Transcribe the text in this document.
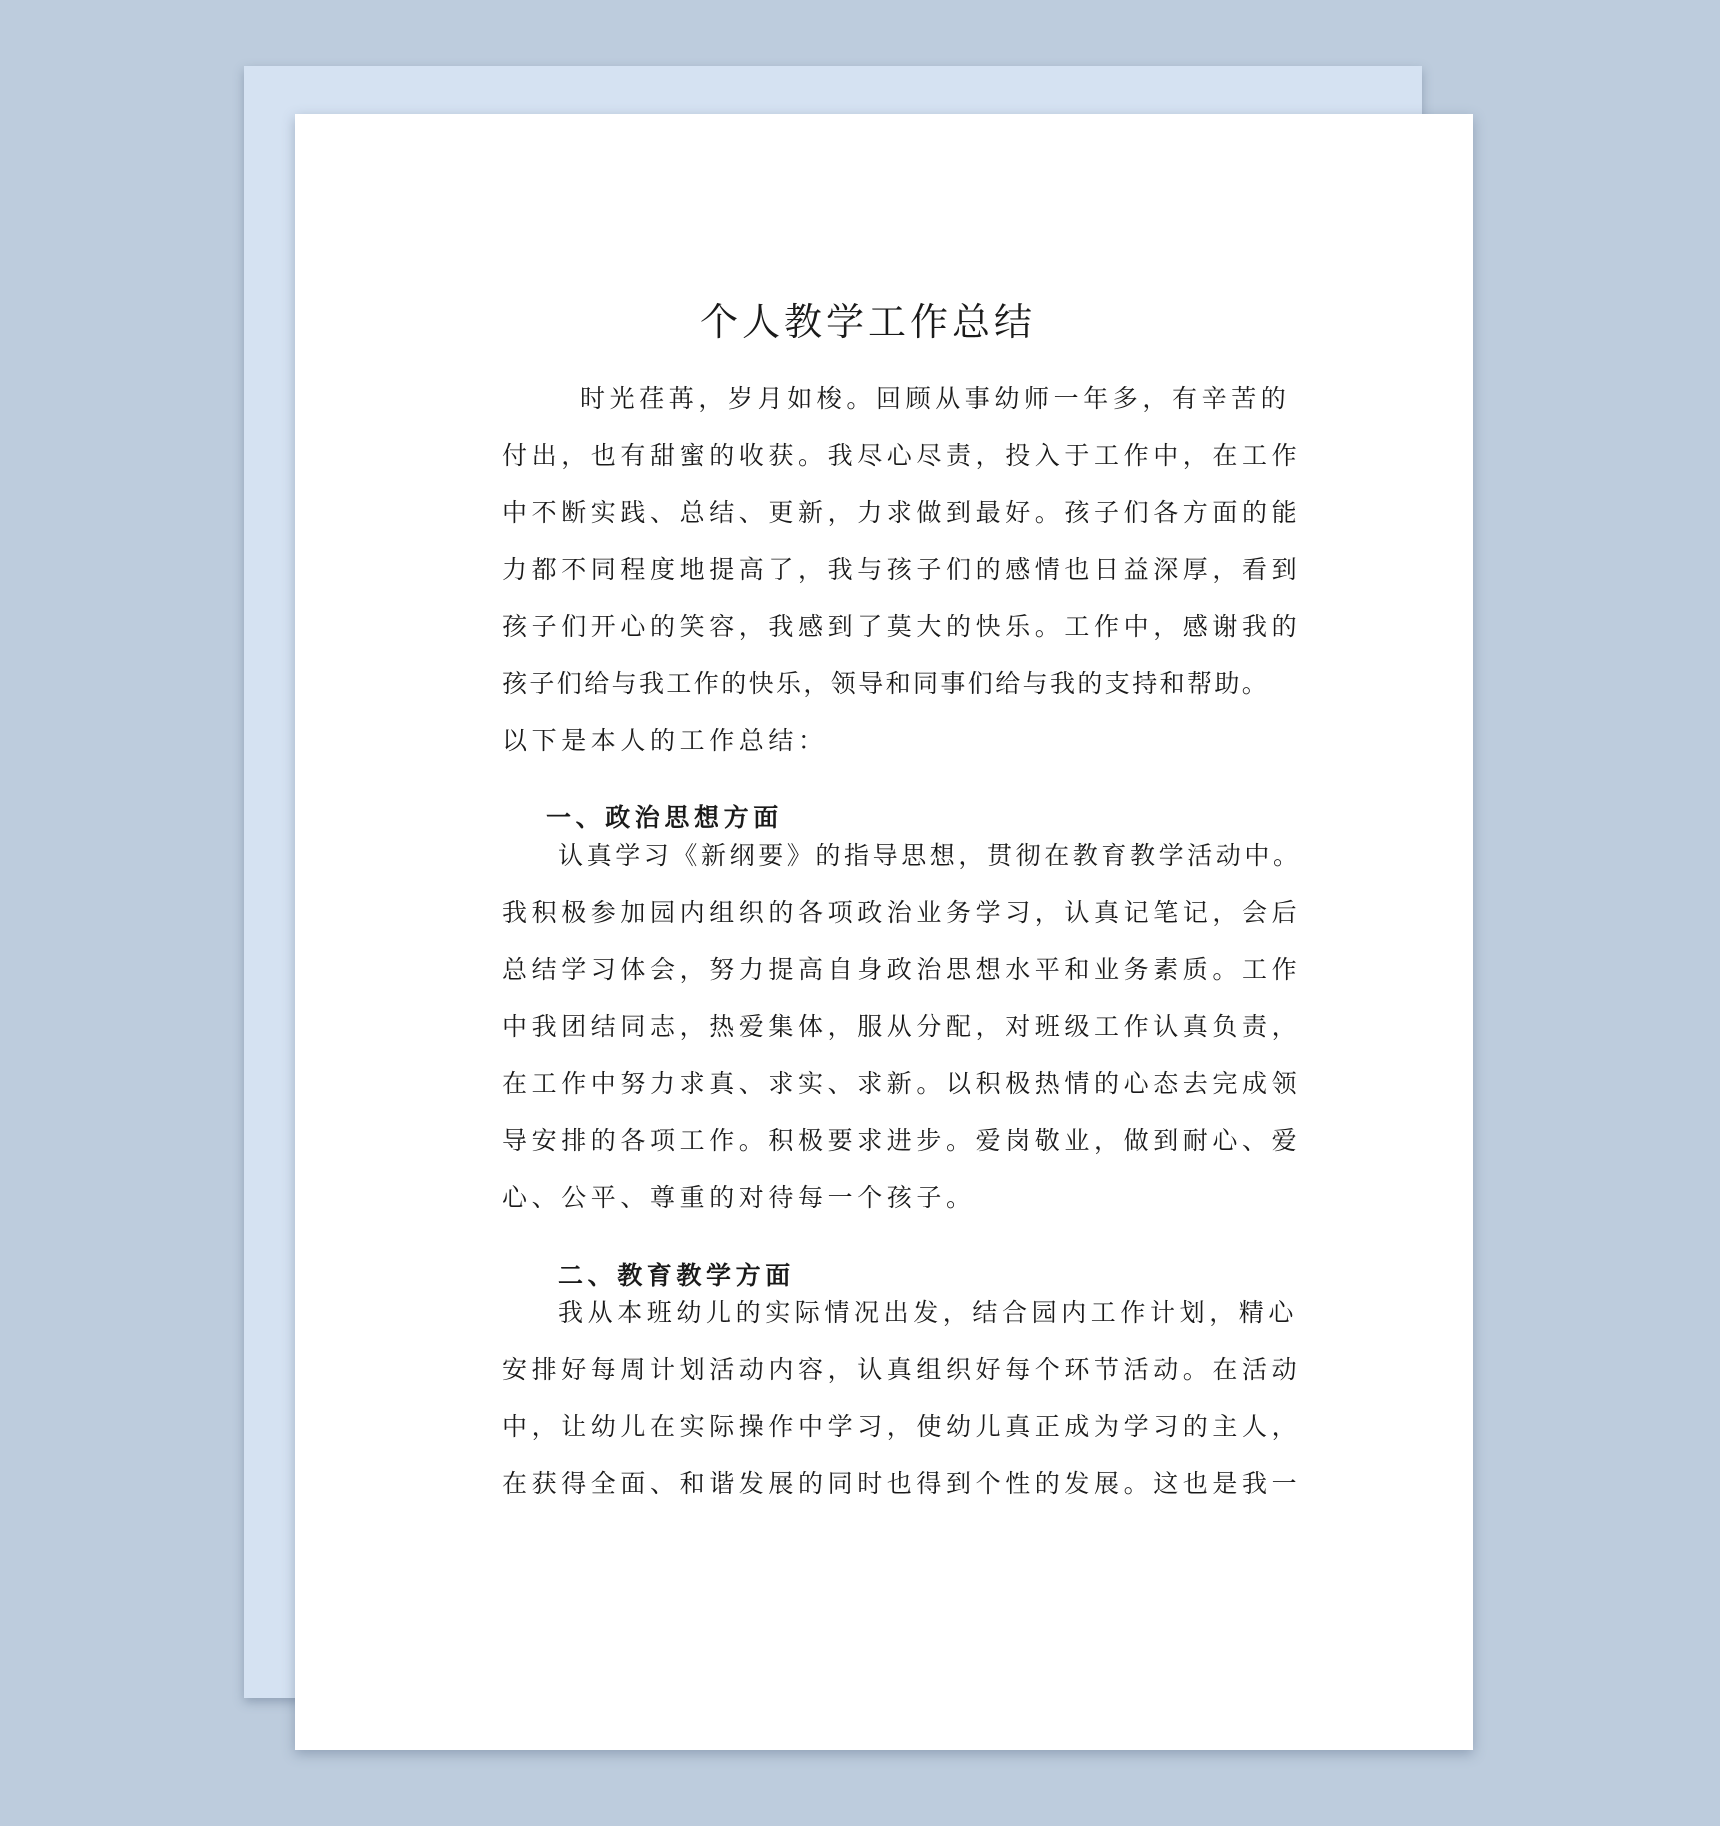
个人教学工作总结
时光荏苒，岁月如梭。回顾从事幼师一年多，有辛苦的
付出，也有甜蜜的收获。我尽心尽责，投入于工作中，在工作
中不断实践、总结、更新，力求做到最好。孩子们各方面的能
力都不同程度地提高了，我与孩子们的感情也日益深厚，看到
孩子们开心的笑容，我感到了莫大的快乐。工作中，感谢我的
孩子们给与我工作的快乐，领导和同事们给与我的支持和帮助。
以下是本人的工作总结：
一、政治思想方面
认真学习《新纲要》的指导思想，贯彻在教育教学活动中。
我积极参加园内组织的各项政治业务学习，认真记笔记，会后
总结学习体会，努力提高自身政治思想水平和业务素质。工作
中我团结同志，热爱集体，服从分配，对班级工作认真负责，
在工作中努力求真、求实、求新。以积极热情的心态去完成领
导安排的各项工作。积极要求进步。爱岗敬业，做到耐心、爱
心、公平、尊重的对待每一个孩子。
二、教育教学方面
我从本班幼儿的实际情况出发，结合园内工作计划，精心
安排好每周计划活动内容，认真组织好每个环节活动。在活动
中，让幼儿在实际操作中学习，使幼儿真正成为学习的主人，
在获得全面、和谐发展的同时也得到个性的发展。这也是我一
